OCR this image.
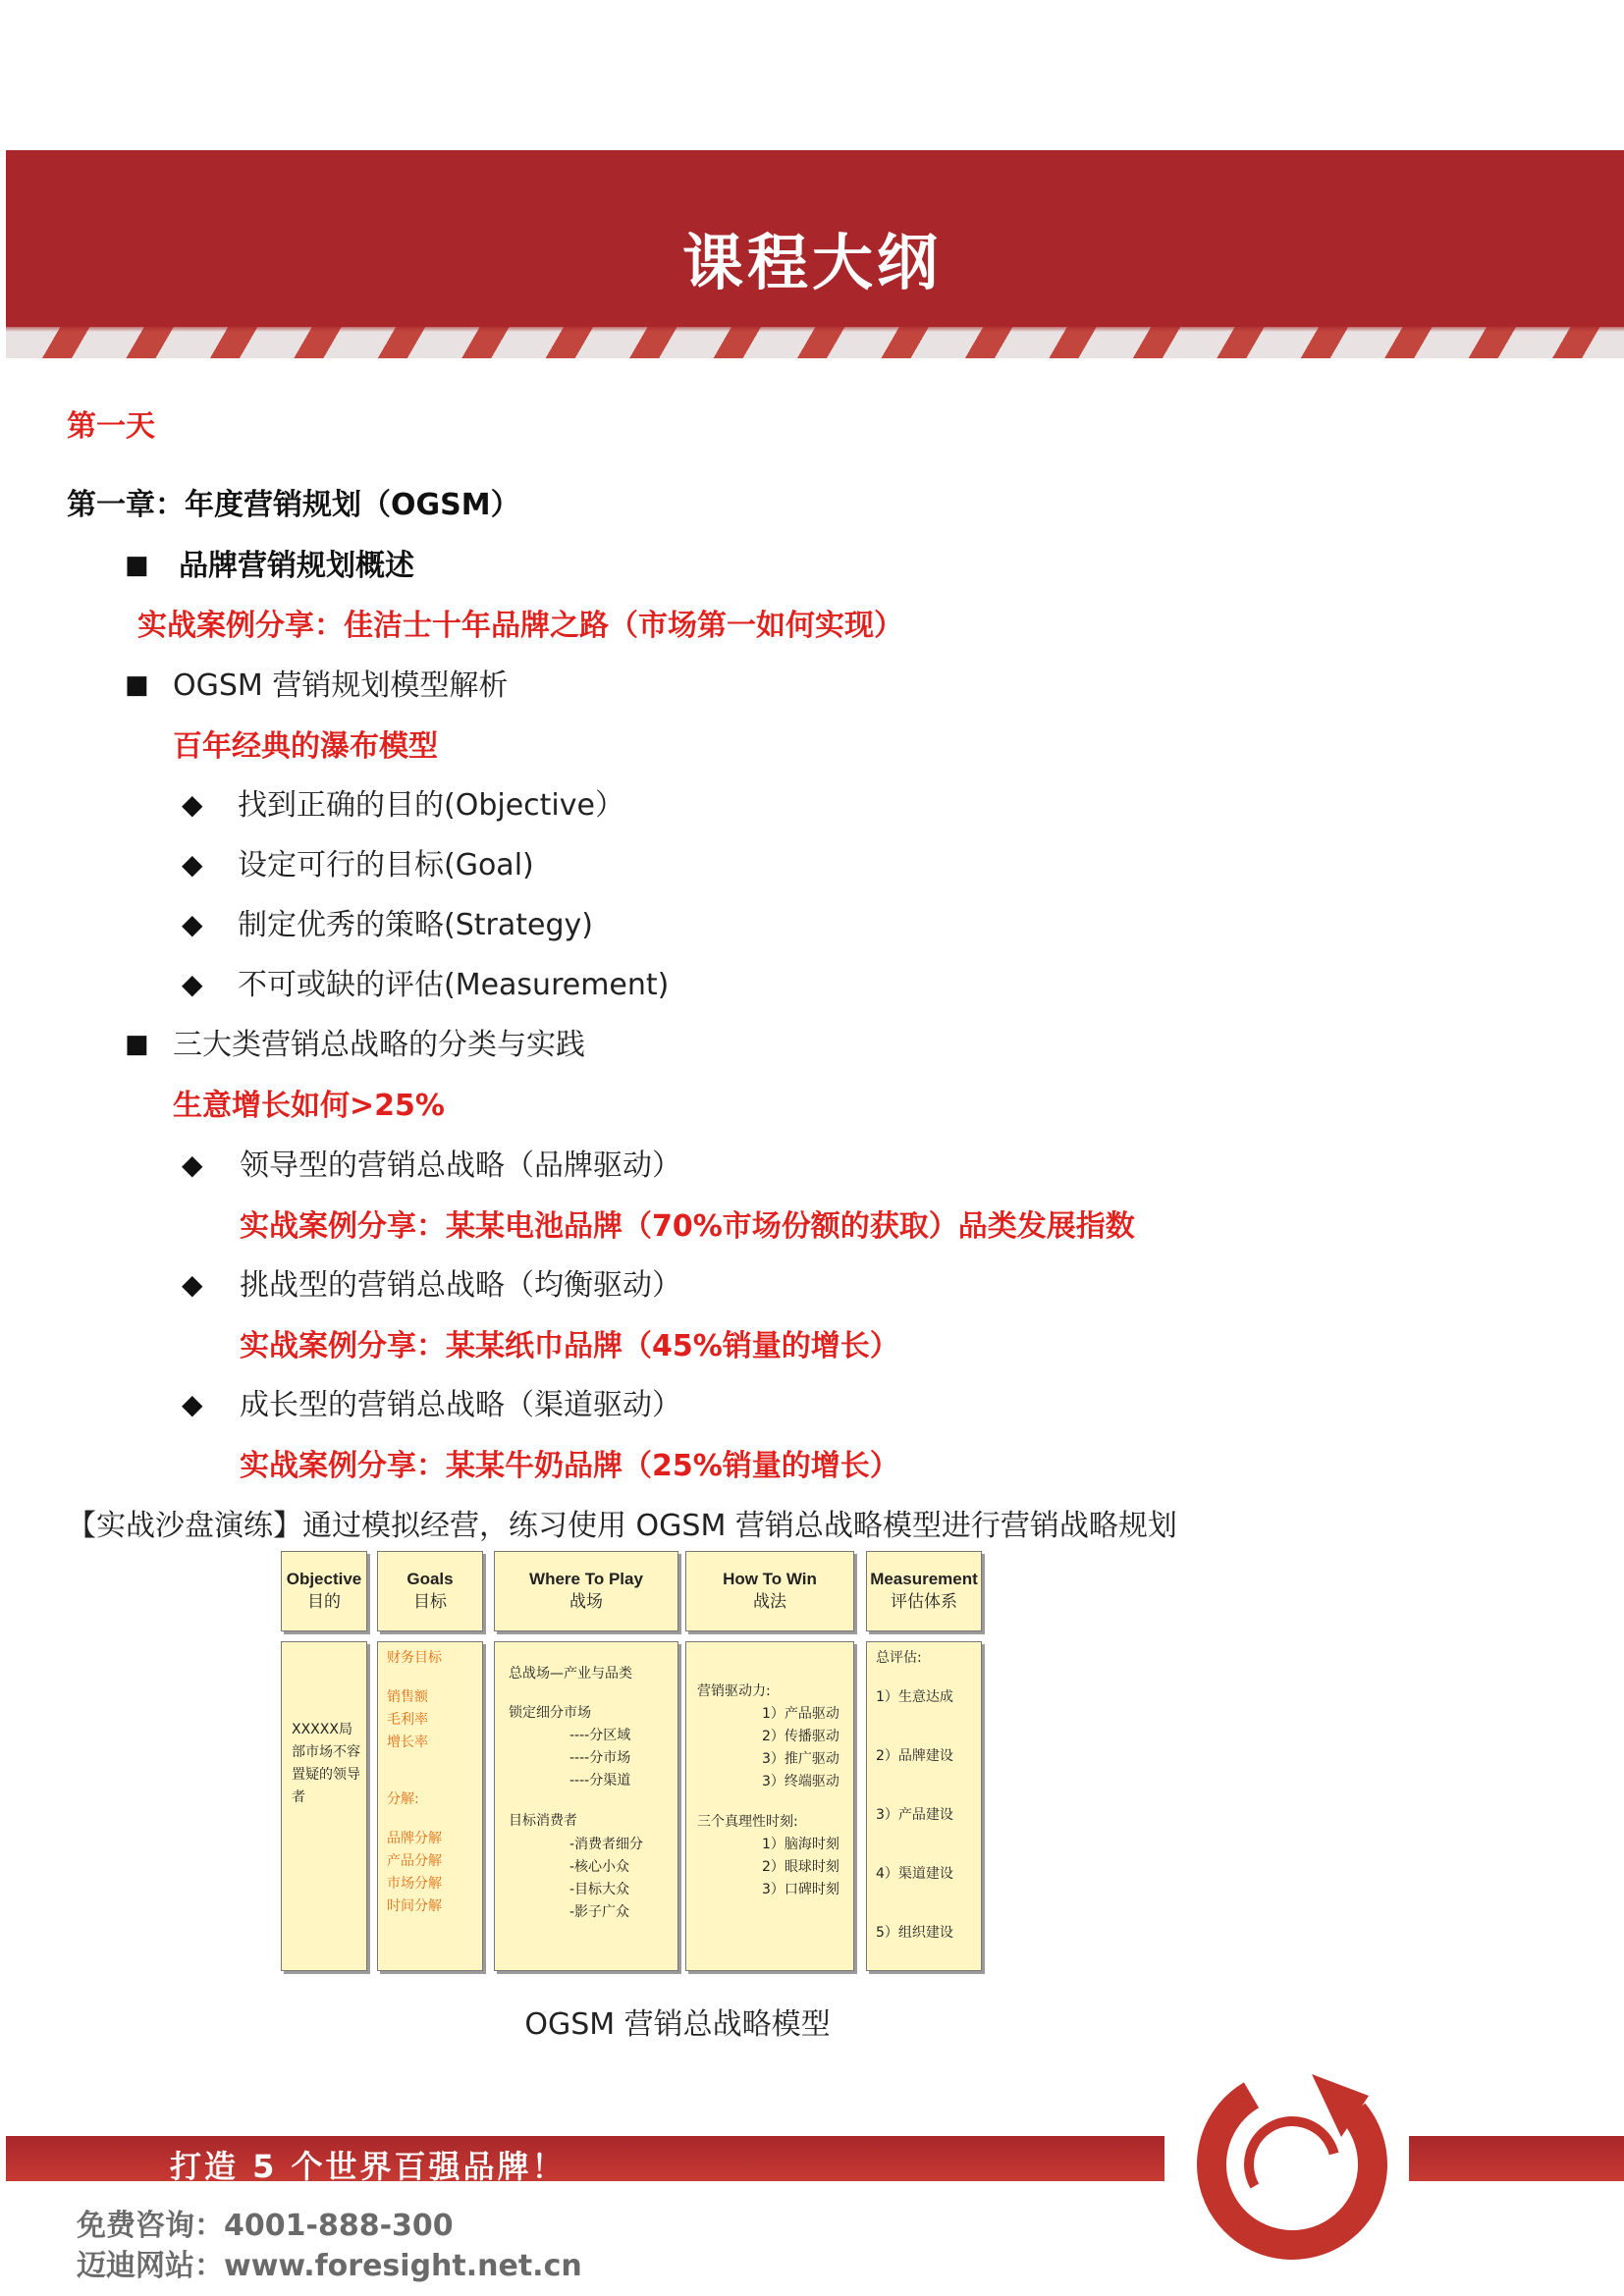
课程大纲
第一天
第一章：年度营销规划（OGSM）
■ 品牌营销规划概述
实战案例分享：佳洁士十年品牌之路（市场第一如何实现）
■ OGSM 营销规划模型解析
百年经典的瀑布模型
◆ 找到正确的目的(Objective）
◆ 设定可行的目标(Goal)
◆ 制定优秀的策略(Strategy)
◆ 不可或缺的评估(Measurement)
■ 三大类营销总战略的分类与实践
生意增长如何>25%
◆ 领导型的营销总战略（品牌驱动）
实战案例分享：某某电池品牌（70%市场份额的获取）品类发展指数
◆ 挑战型的营销总战略（均衡驱动）
实战案例分享：某某纸巾品牌（45%销量的增长）
◆ 成长型的营销总战略（渠道驱动）
实战案例分享：某某牛奶品牌（25%销量的增长）
【实战沙盘演练】通过模拟经营，练习使用 OGSM 营销总战略模型进行营销战略规划
Objective
目的
Goals
目标
Where To Play
战场
How To Win
战法
Measurement
评估体系
XXXXX局
部市场不容
置疑的领导
者
财务目标
销售额
毛利率
增长率
分解:
品牌分解
产品分解
市场分解
时间分解
总战场—产业与品类
锁定细分市场
----分区域
----分市场
----分渠道
目标消费者
-消费者细分
-核心小众
-目标大众
-影子广众
营销驱动力:
1）产品驱动
2）传播驱动
3）推广驱动
3）终端驱动
三个真理性时刻:
1）脑海时刻
2）眼球时刻
3）口碑时刻
总评估:
1）生意达成
2）品牌建设
3）产品建设
4）渠道建设
5）组织建设
OGSM 营销总战略模型
打造 5 个世界百强品牌！
免费咨询：4001-888-300
迈迪网站：www.foresight.net.cn
